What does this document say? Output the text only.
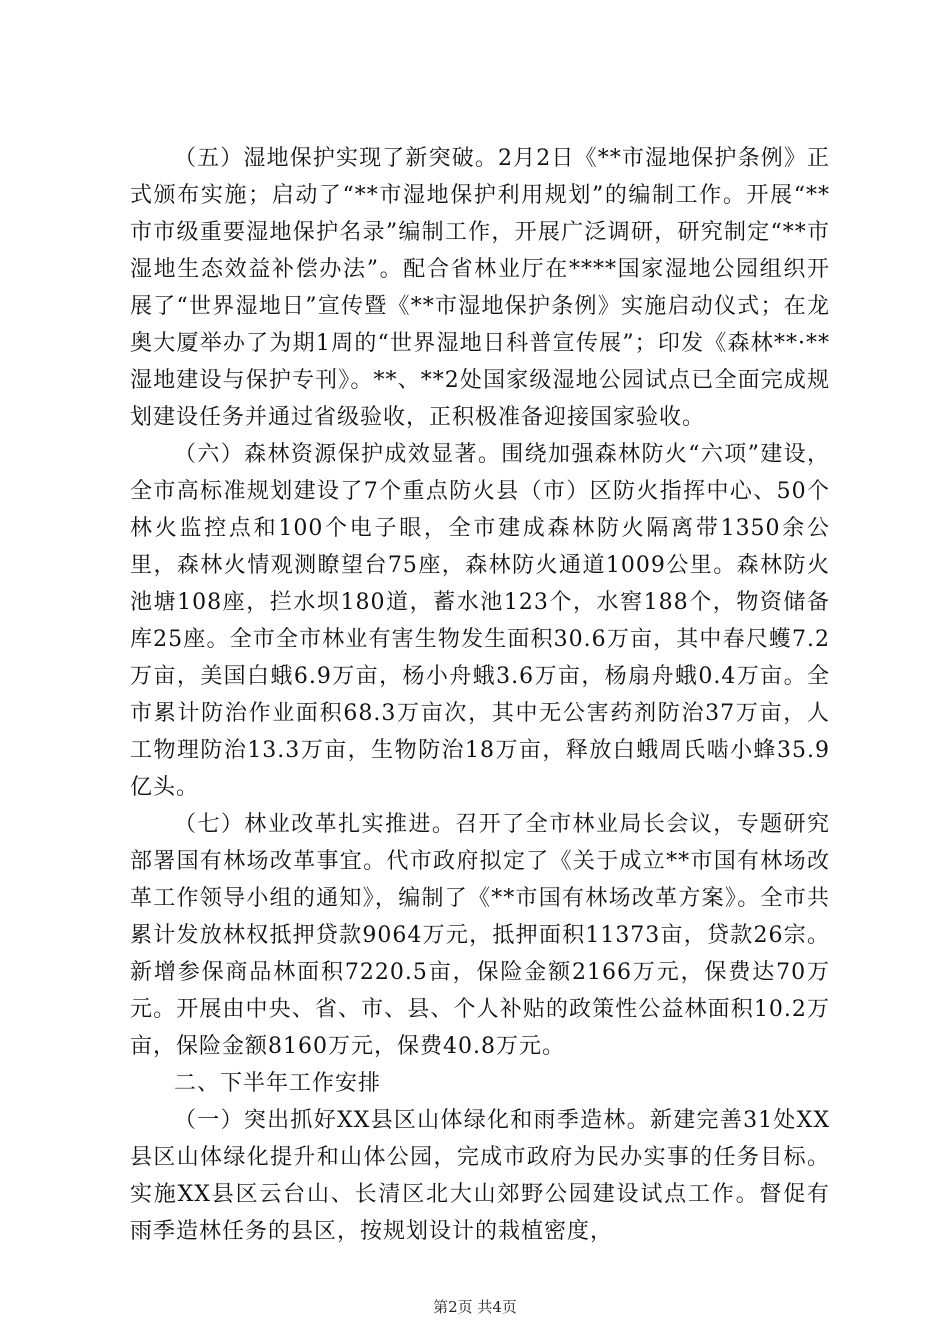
（五）湿地保护实现了新突破。2月2日《**市湿地保护条例》正式颁布实施；启动了“**市湿地保护利用规划”的编制工作。开展“**市市级重要湿地保护名录”编制工作，开展广泛调研，研究制定“**市湿地生态效益补偿办法”。配合省林业厅在****国家湿地公园组织开展了“世界湿地日”宣传暨《**市湿地保护条例》实施启动仪式；在龙奥大厦举办了为期1周的“世界湿地日科普宣传展”；印发《森林**·**湿地建设与保护专刊》。**、**2处国家级湿地公园试点已全面完成规划建设任务并通过省级验收，正积极准备迎接国家验收。

（六）森林资源保护成效显著。围绕加强森林防火“六项”建设，全市高标准规划建设了7个重点防火县（市）区防火指挥中心、50个林火监控点和100个电子眼，全市建成森林防火隔离带1350余公里，森林火情观测瞭望台75座，森林防火通道1009公里。森林防火池塘108座，拦水坝180道，蓄水池123个，水窖188个，物资储备库25座。全市全市林业有害生物发生面积30.6万亩，其中春尺蠖7.2万亩，美国白蛾6.9万亩，杨小舟蛾3.6万亩，杨扇舟蛾0.4万亩。全市累计防治作业面积68.3万亩次，其中无公害药剂防治37万亩，人工物理防治13.3万亩，生物防治18万亩，释放白蛾周氏啮小蜂35.9亿头。

（七）林业改革扎实推进。召开了全市林业局长会议，专题研究部署国有林场改革事宜。代市政府拟定了《关于成立**市国有林场改革工作领导小组的通知》，编制了《**市国有林场改革方案》。全市共累计发放林权抵押贷款9064万元，抵押面积11373亩，贷款26宗。新增参保商品林面积7220.5亩，保险金额2166万元，保费达70万元。开展由中央、省、市、县、个人补贴的政策性公益林面积10.2万亩，保险金额8160万元，保费40.8万元。

二、下半年工作安排

（一）突出抓好XX县区山体绿化和雨季造林。新建完善31处XX县区山体绿化提升和山体公园，完成市政府为民办实事的任务目标。实施XX县区云台山、长清区北大山郊野公园建设试点工作。督促有雨季造林任务的县区，按规划设计的栽植密度，

第2页 共4页
